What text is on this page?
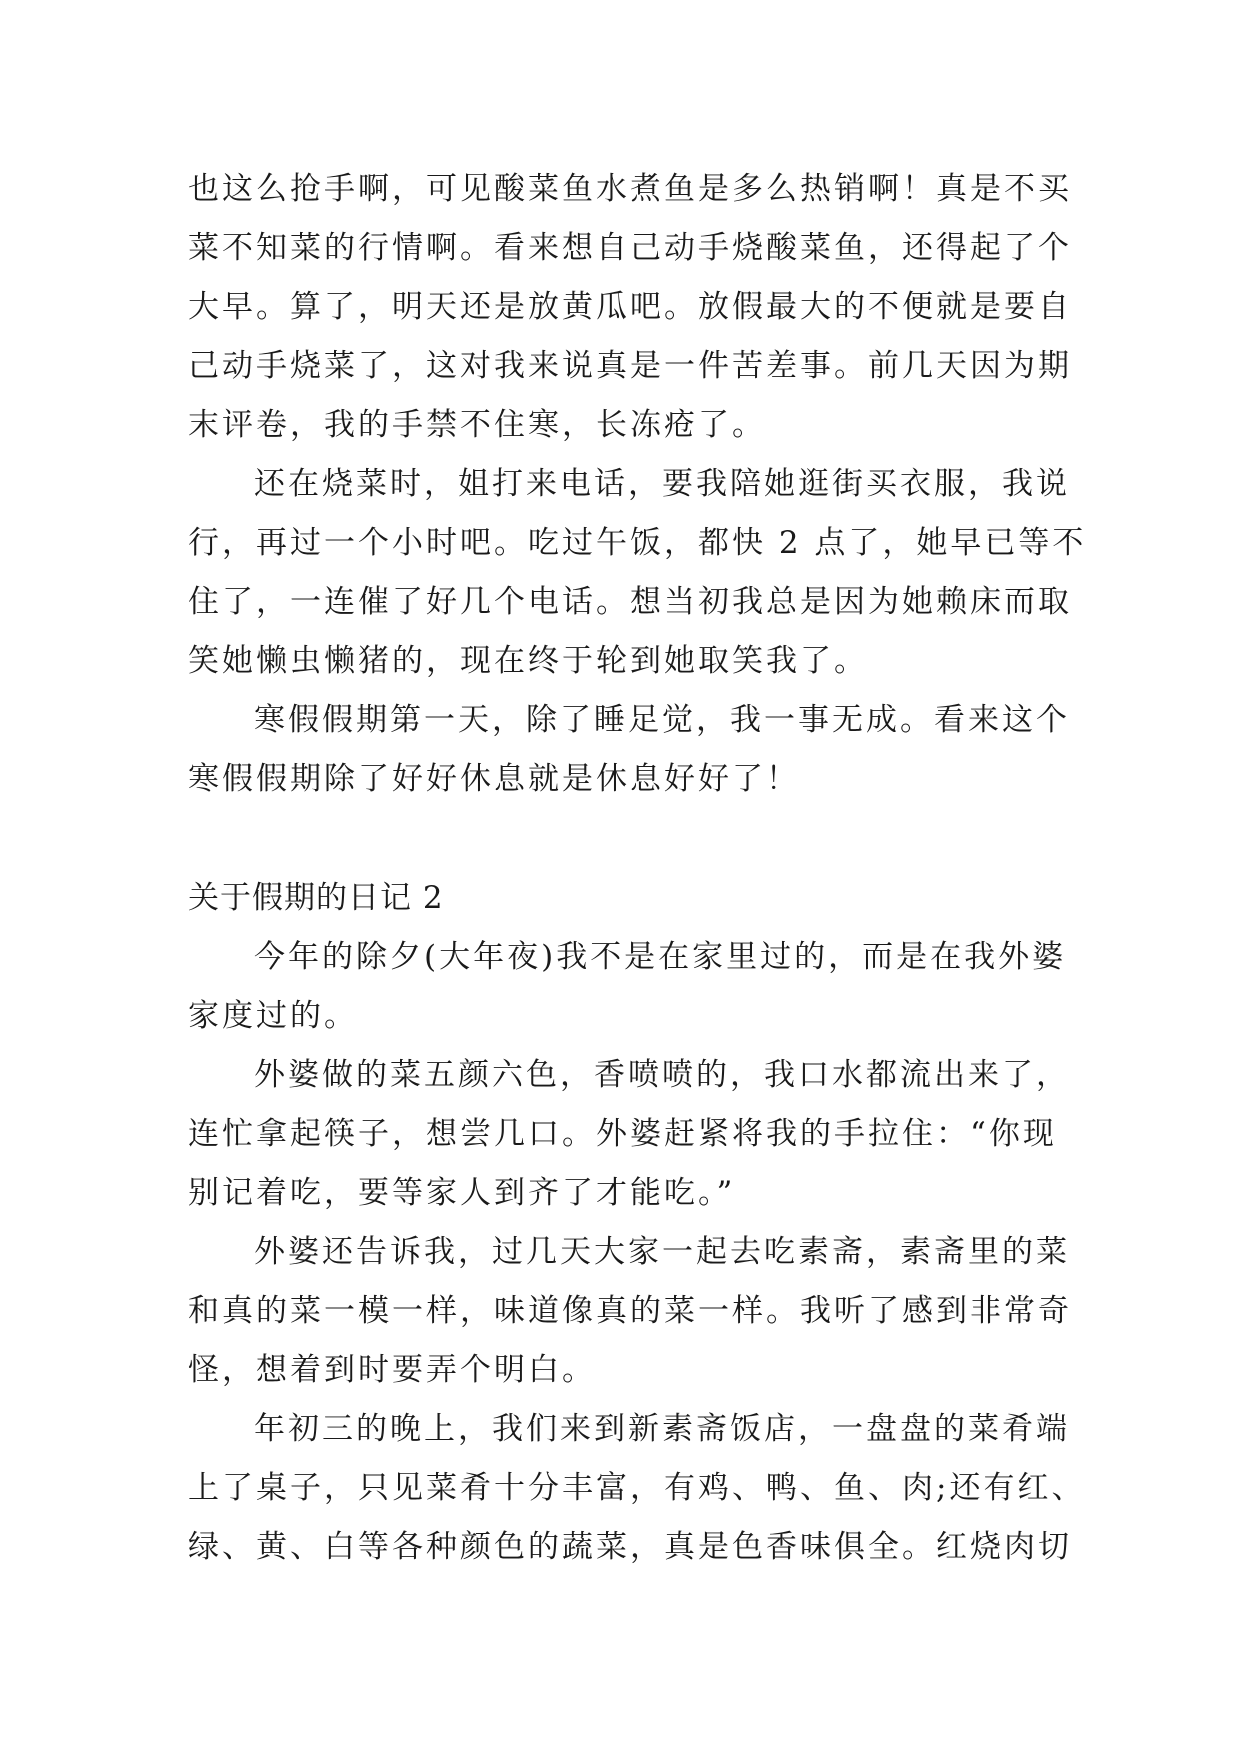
也这么抢手啊，可见酸菜鱼水煮鱼是多么热销啊！真是不买
菜不知菜的行情啊。看来想自己动手烧酸菜鱼，还得起了个
大早。算了，明天还是放黄瓜吧。放假最大的不便就是要自
己动手烧菜了，这对我来说真是一件苦差事。前几天因为期
末评卷，我的手禁不住寒，长冻疮了。
还在烧菜时，姐打来电话，要我陪她逛街买衣服，我说
行，再过一个小时吧。吃过午饭，都快 2 点了，她早已等不
住了，一连催了好几个电话。想当初我总是因为她赖床而取
笑她懒虫懒猪的，现在终于轮到她取笑我了。
寒假假期第一天，除了睡足觉，我一事无成。看来这个
寒假假期除了好好休息就是休息好好了！
关于假期的日记 2
今年的除夕(大年夜)我不是在家里过的，而是在我外婆
家度过的。
外婆做的菜五颜六色，香喷喷的，我口水都流出来了，
连忙拿起筷子，想尝几口。外婆赶紧将我的手拉住：“你现
别记着吃，要等家人到齐了才能吃。”
外婆还告诉我，过几天大家一起去吃素斋，素斋里的菜
和真的菜一模一样，味道像真的菜一样。我听了感到非常奇
怪，想着到时要弄个明白。
年初三的晚上，我们来到新素斋饭店，一盘盘的菜肴端
上了桌子，只见菜肴十分丰富，有鸡、鸭、鱼、肉;还有红、
绿、黄、白等各种颜色的蔬菜，真是色香味俱全。红烧肉切
